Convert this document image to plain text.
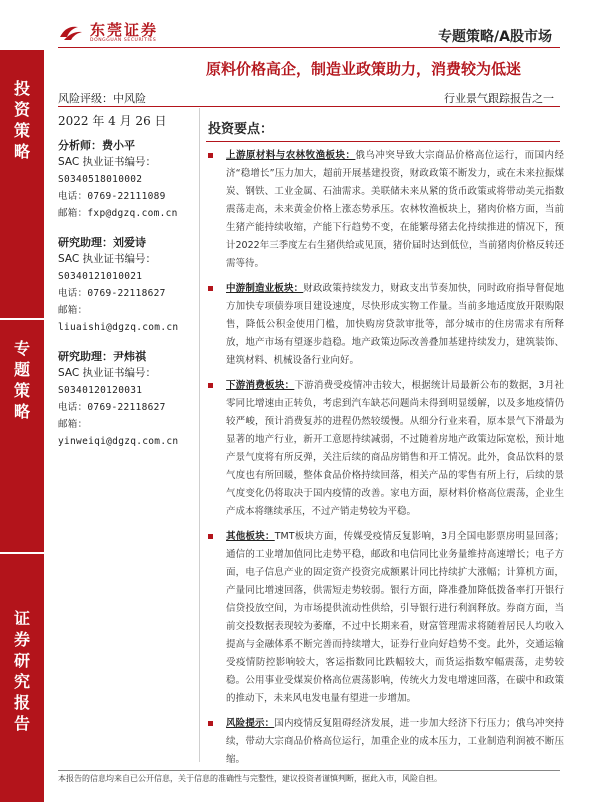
东莞证券
DONGGUAN SECURITIES	专题策略/A股市场
投资策略
专题策略
证券研究报告
原料价格高企，制造业政策助力，消费较为低迷
风险评级：中风险	行业景气跟踪报告之一
2022 年 4 月 26 日
分析师：费小平
SAC 执业证书编号：
S0340518010002
电话：0769-22111089
邮箱：fxp@dgzq.com.cn
研究助理：刘爱诗
SAC 执业证书编号：
S0340121010021
电话：0769-22118627
邮箱：
liuaishi@dgzq.com.cn
研究助理：尹炜祺
SAC 执业证书编号：
S0340120120031
电话：0769-22118627
邮箱：
yinweiqi@dgzq.com.cn
投资要点：
上游原材料与农林牧渔板块：俄乌冲突导致大宗商品价格高位运行，而国内经济“稳增长”压力加大，超前开展基建投资，财政政策不断发力，或在未来拉振煤炭、钢铁、工业金属、石油需求。美联储未来从紧的货币政策或将带动美元指数震荡走高，未来黄金价格上涨态势承压。农林牧渔板块上，猪肉价格方面，当前生猪产能持续收缩，产能下行趋势不变，在能繁母猪去化持续推进的情况下，预计2022年三季度左右生猪供给或见顶，猪价届时达到低位，当前猪肉价格反转还需等待。
中游制造业板块：财政政策持续发力，财政支出节奏加快，同时政府指导督促地方加快专项债券项目建设速度，尽快形成实物工作量。当前多地适度放开限购限售，降低公积金使用门槛，加快购房贷款审批等，部分城市的住房需求有所释放，地产市场有望逐步趋稳。地产政策边际改善叠加基建持续发力，建筑装饰、建筑材料、机械设备行业向好。
下游消费板块：下游消费受疫情冲击较大，根据统计局最新公布的数据，3月社零同比增速由正转负，考虑到汽车缺芯问题尚未得到明显缓解，以及多地疫情仍较严峻，预计消费复苏的进程仍然较缓慢。从细分行业来看，原本景气下滑最为显著的地产行业，新开工意愿持续减弱，不过随着房地产政策边际宽松，预计地产景气度将有所反弹，关注后续的商品房销售和开工情况。此外，食品饮料的景气度也有所回暖，整体食品价格持续回落，相关产品的零售有所上行，后续的景气度变化仍将取决于国内疫情的改善。家电方面，原材料价格高位震荡，企业生产成本将继续承压，不过产销走势较为平稳。
其他板块：TMT板块方面，传媒受疫情反复影响，3月全国电影票房明显回落；通信的工业增加值同比走势平稳，邮政和电信同比业务量维持高速增长；电子方面，电子信息产业的固定资产投资完成额累计同比持续扩大涨幅；计算机方面，产量同比增速回落，供需短走势较弱。银行方面，降准叠加降低拨备率打开银行信贷投放空间，为市场提供流动性供给，引导银行进行利润释放。券商方面，当前交投数据表现较为萎靡，不过中长期来看，财富管理需求将随着居民人均收入提高与金融体系不断完善而持续增大，证券行业向好趋势不变。此外，交通运输受疫情防控影响较大，客运指数同比跌幅较大，而货运指数窄幅震荡，走势较稳。公用事业受煤炭价格高位震荡影响，传统火力发电增速回落，在碳中和政策的推动下，未来风电发电量有望进一步增加。
风险提示：国内疫情反复阻碍经济发展，进一步加大经济下行压力；俄乌冲突持续，带动大宗商品价格高位运行，加重企业的成本压力，工业制造利润被不断压缩。
本报告的信息均来自已公开信息，关于信息的准确性与完整性，建议投资者谨慎判断，据此入市，风险自担。
